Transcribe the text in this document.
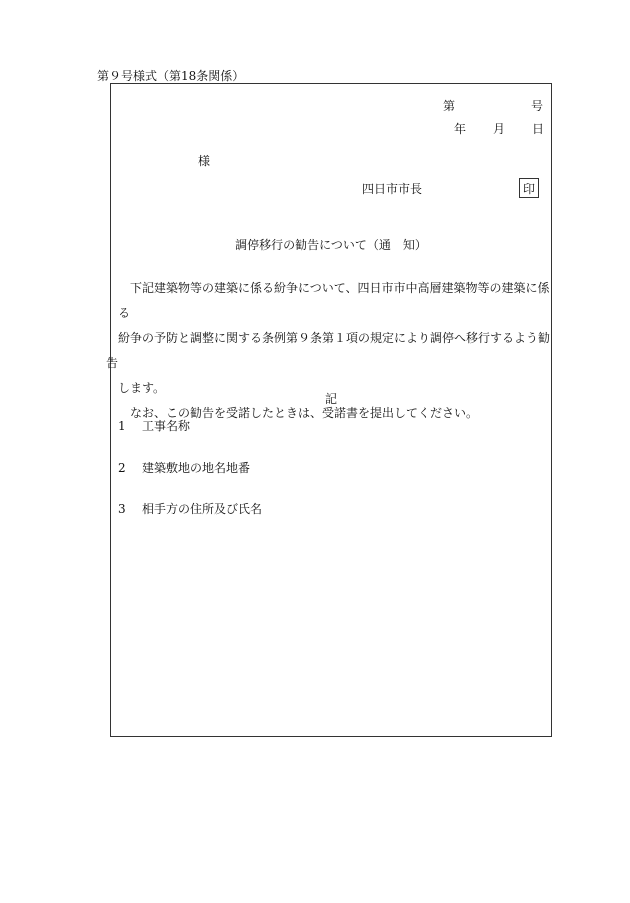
第９号様式（第18条関係）
第	号
年 月 日
様
四日市市長	印
調停移行の勧告について（通　知）

下記建築物等の建築に係る紛争について、四日市市中高層建築物等の建築に係る
紛争の予防と調整に関する条例第９条第１項の規定により調停へ移行するよう勧告
します。

なお、この勧告を受諾したときは、受諾書を提出してください。

記
1 工事名称
2 建築敷地の地名地番
3 相手方の住所及び氏名
